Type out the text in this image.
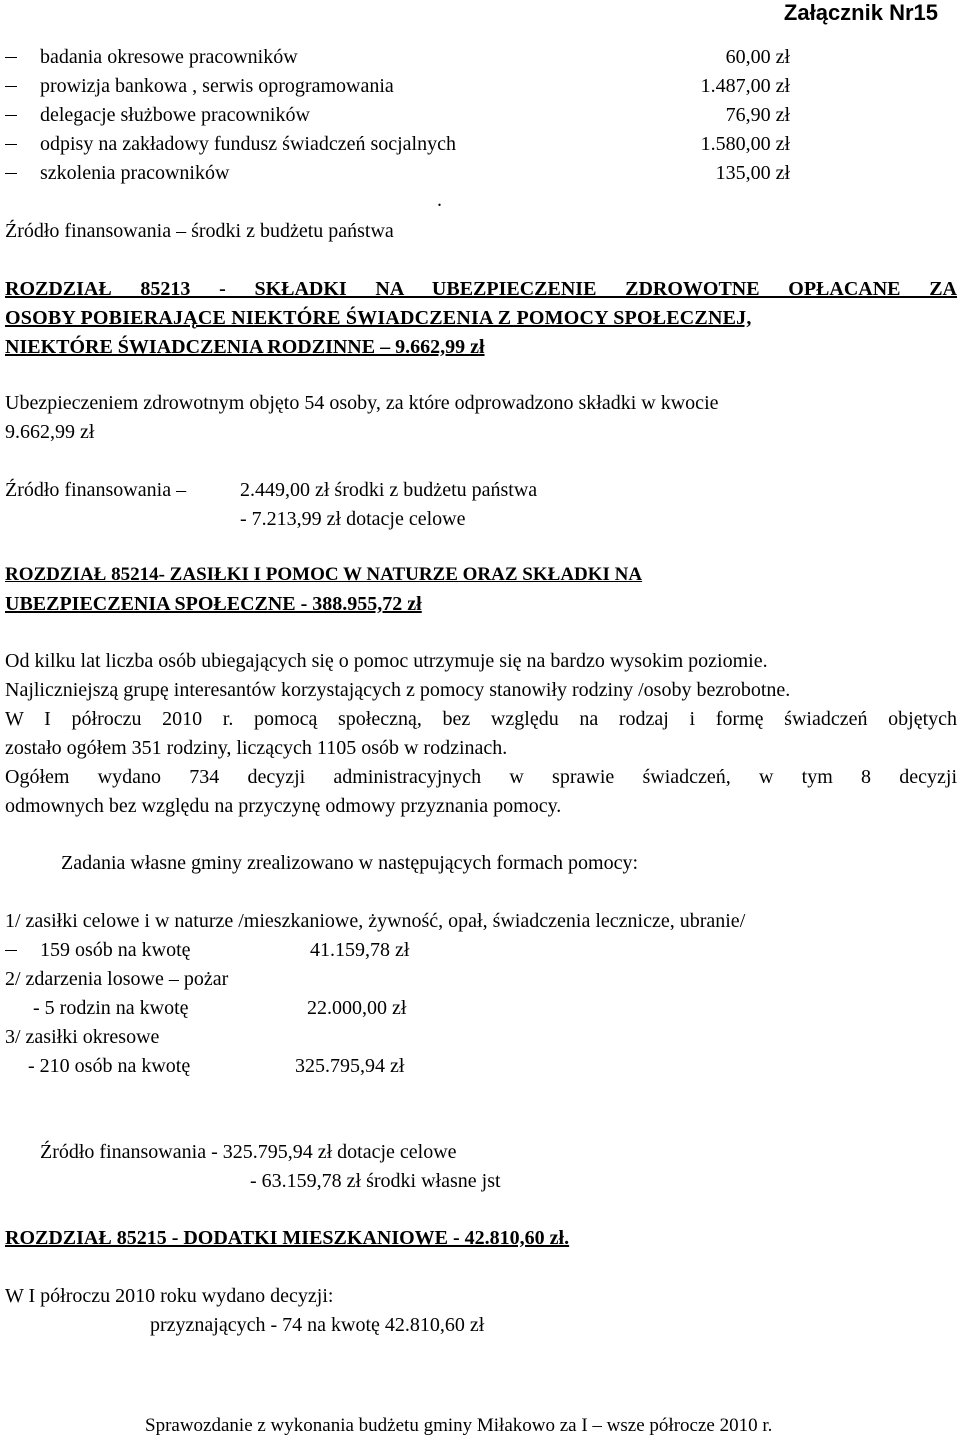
Załącznik Nr15
badania okresowe pracowników	60,00 zł
prowizja bankowa , serwis oprogramowania	1.487,00 zł
delegacje służbowe pracowników	76,90 zł
odpisy na zakładowy fundusz świadczeń socjalnych	1.580,00 zł
szkolenia pracowników	135,00 zł
.
Źródło finansowania – środki z budżetu państwa
ROZDZIAŁ 85213 - SKŁADKI NA UBEZPIECZENIE ZDROWOTNE OPŁACANE ZA
OSOBY POBIERAJĄCE NIEKTÓRE ŚWIADCZENIA Z POMOCY SPOŁECZNEJ,
NIEKTÓRE ŚWIADCZENIA RODZINNE – 9.662,99 zł
Ubezpieczeniem zdrowotnym objęto 54 osoby, za które odprowadzono składki w kwocie
9.662,99 zł
Źródło finansowania –	2.449,00 zł środki z budżetu państwa
- 7.213,99 zł dotacje celowe
ROZDZIAŁ 85214- ZASIŁKI I POMOC W NATURZE ORAZ SKŁADKI NA
UBEZPIECZENIA SPOŁECZNE - 388.955,72 zł
Od kilku lat liczba osób ubiegających się o pomoc utrzymuje się na bardzo wysokim poziomie.
Najliczniejszą grupę interesantów korzystających z pomocy stanowiły rodziny /osoby bezrobotne.
W I półroczu 2010 r. pomocą społeczną, bez względu na rodzaj i formę świadczeń objętych
zostało ogółem 351 rodziny, liczących 1105 osób w rodzinach.
Ogółem wydano 734 decyzji administracyjnych w sprawie świadczeń, w tym 8 decyzji
odmownych bez względu na przyczynę odmowy przyznania pomocy.
Zadania własne gminy zrealizowano w następujących formach pomocy:
1/ zasiłki celowe i w naturze /mieszkaniowe, żywność, opał, świadczenia lecznicze, ubranie/
159 osób na kwotę	41.159,78 zł
2/ zdarzenia losowe – pożar
- 5 rodzin na kwotę	22.000,00 zł
3/ zasiłki okresowe
- 210 osób na kwotę	325.795,94 zł
Źródło finansowania - 325.795,94 zł dotacje celowe
- 63.159,78 zł środki własne jst
ROZDZIAŁ 85215 - DODATKI MIESZKANIOWE - 42.810,60 zł.
W I półroczu 2010 roku wydano decyzji:
przyznających - 74 na kwotę 42.810,60 zł
Sprawozdanie z wykonania budżetu gminy Miłakowo za I – wsze półrocze 2010 r.
